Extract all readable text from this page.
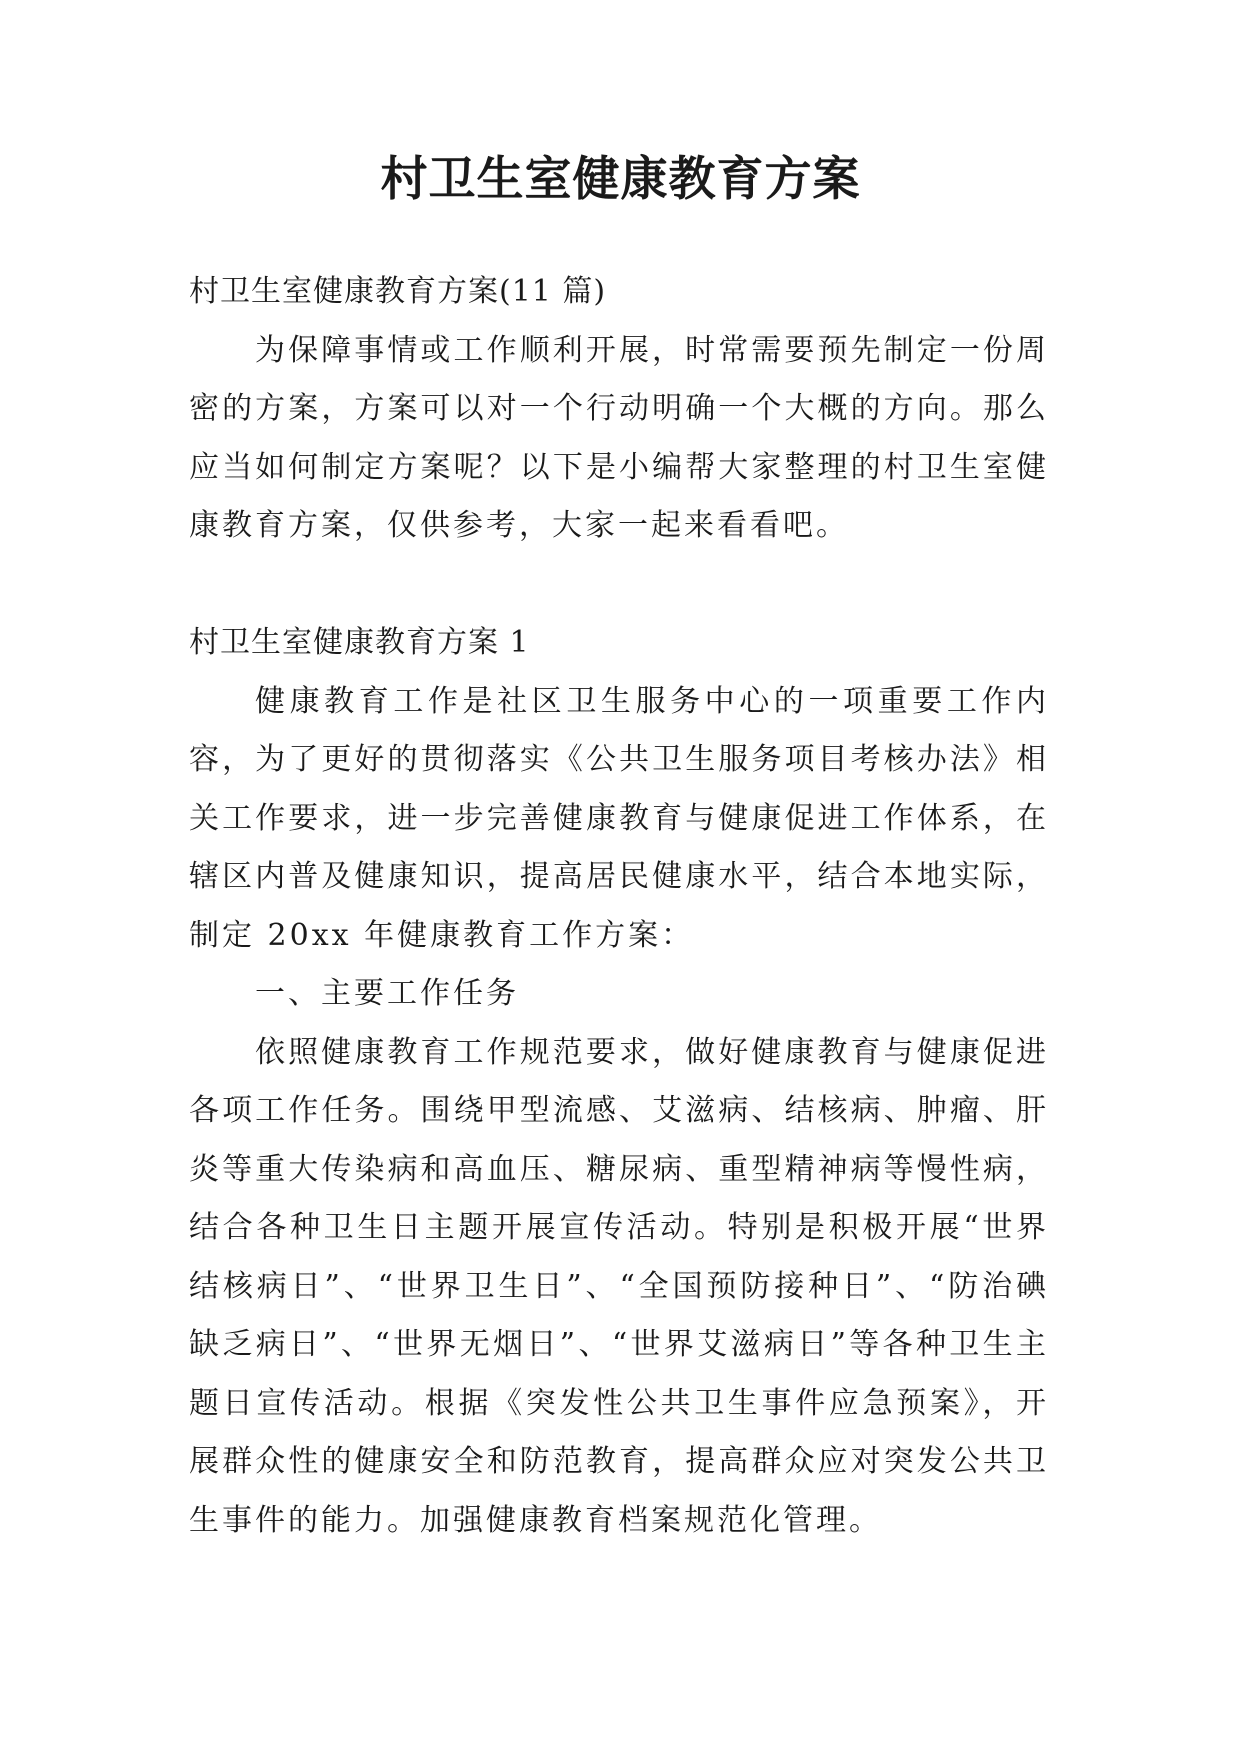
村卫生室健康教育方案

村卫生室健康教育方案(11 篇)

为保障事情或工作顺利开展，时常需要预先制定一份周密的方案，方案可以对一个行动明确一个大概的方向。那么应当如何制定方案呢？以下是小编帮大家整理的村卫生室健康教育方案，仅供参考，大家一起来看看吧。

村卫生室健康教育方案 1

健康教育工作是社区卫生服务中心的一项重要工作内容，为了更好的贯彻落实《公共卫生服务项目考核办法》相关工作要求，进一步完善健康教育与健康促进工作体系，在辖区内普及健康知识，提高居民健康水平，结合本地实际，制定 20xx 年健康教育工作方案：

一、主要工作任务

依照健康教育工作规范要求，做好健康教育与健康促进各项工作任务。围绕甲型流感、艾滋病、结核病、肿瘤、肝炎等重大传染病和高血压、糖尿病、重型精神病等慢性病，结合各种卫生日主题开展宣传活动。特别是积极开展“世界结核病日”、“世界卫生日”、“全国预防接种日”、“防治碘缺乏病日”、“世界无烟日”、“世界艾滋病日”等各种卫生主题日宣传活动。根据《突发性公共卫生事件应急预案》，开展群众性的健康安全和防范教育，提高群众应对突发公共卫生事件的能力。加强健康教育档案规范化管理。
